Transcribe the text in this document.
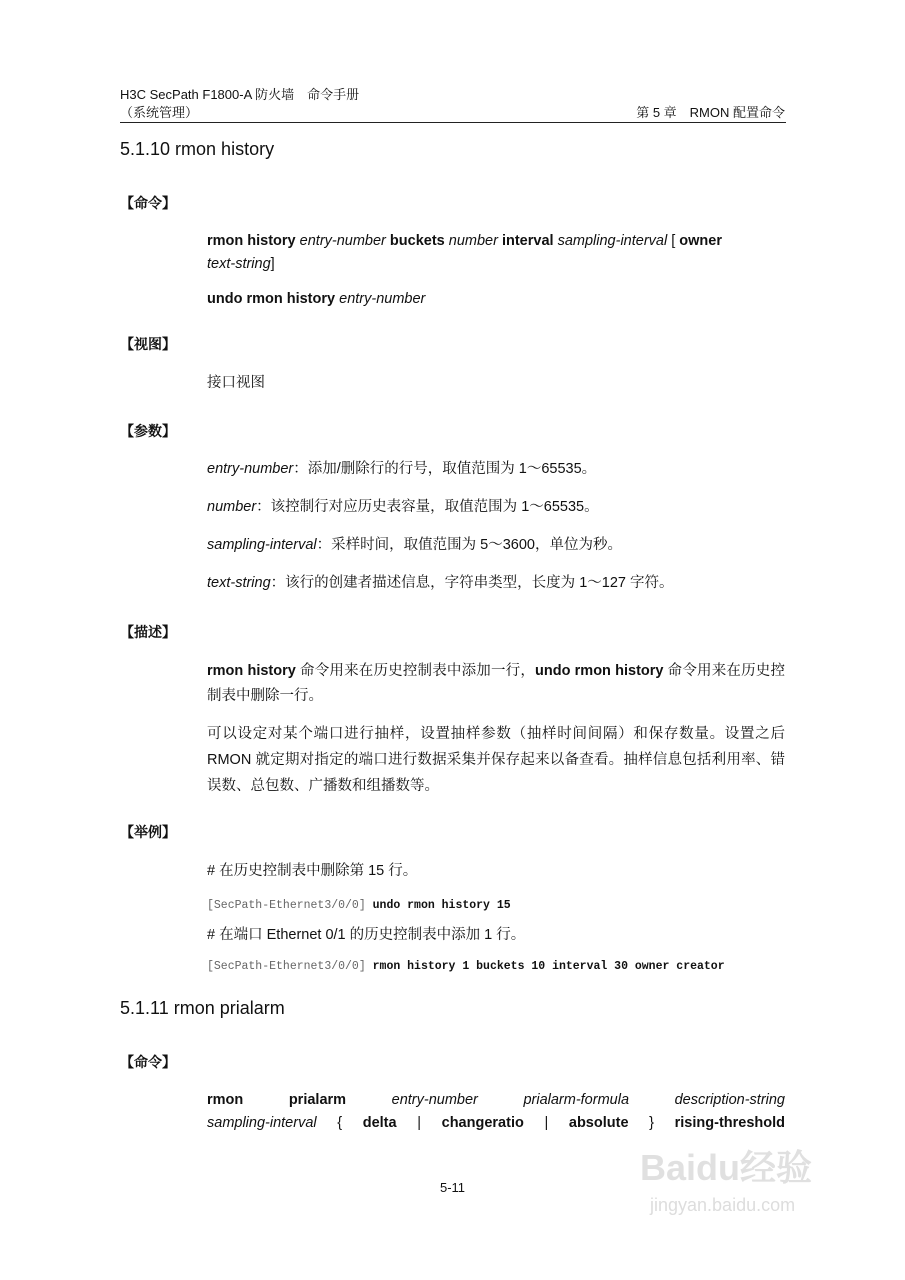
H3C SecPath F1800-A 防火墙　命令手册
（系统管理）	第 5 章　RMON 配置命令
5.1.10 rmon history
【命令】
rmon history entry-number buckets number interval sampling-interval [ owner
text-string]
undo rmon history entry-number
【视图】
接口视图
【参数】
entry-number：添加/删除行的行号，取值范围为 1～65535。
number：该控制行对应历史表容量，取值范围为 1～65535。
sampling-interval：采样时间，取值范围为 5～3600，单位为秒。
text-string：该行的创建者描述信息，字符串类型，长度为 1～127 字符。
【描述】
rmon history 命令用来在历史控制表中添加一行，undo rmon history 命令用来在历史控制表中删除一行。
可以设定对某个端口进行抽样，设置抽样参数（抽样时间间隔）和保存数量。设置之后 RMON 就定期对指定的端口进行数据采集并保存起来以备查看。抽样信息包括利用率、错误数、总包数、广播数和组播数等。
【举例】
# 在历史控制表中删除第 15 行。
[SecPath-Ethernet3/0/0] undo rmon history 15
# 在端口 Ethernet 0/1 的历史控制表中添加 1 行。
[SecPath-Ethernet3/0/0] rmon history 1 buckets 10 interval 30 owner creator
5.1.11 rmon prialarm
【命令】
rmon	prialarm	entry-number	prialarm-formula	description-string
sampling-interval { delta | changeratio | absolute } rising-threshold
5-11	Baidu经验
jingyan.baidu.com
